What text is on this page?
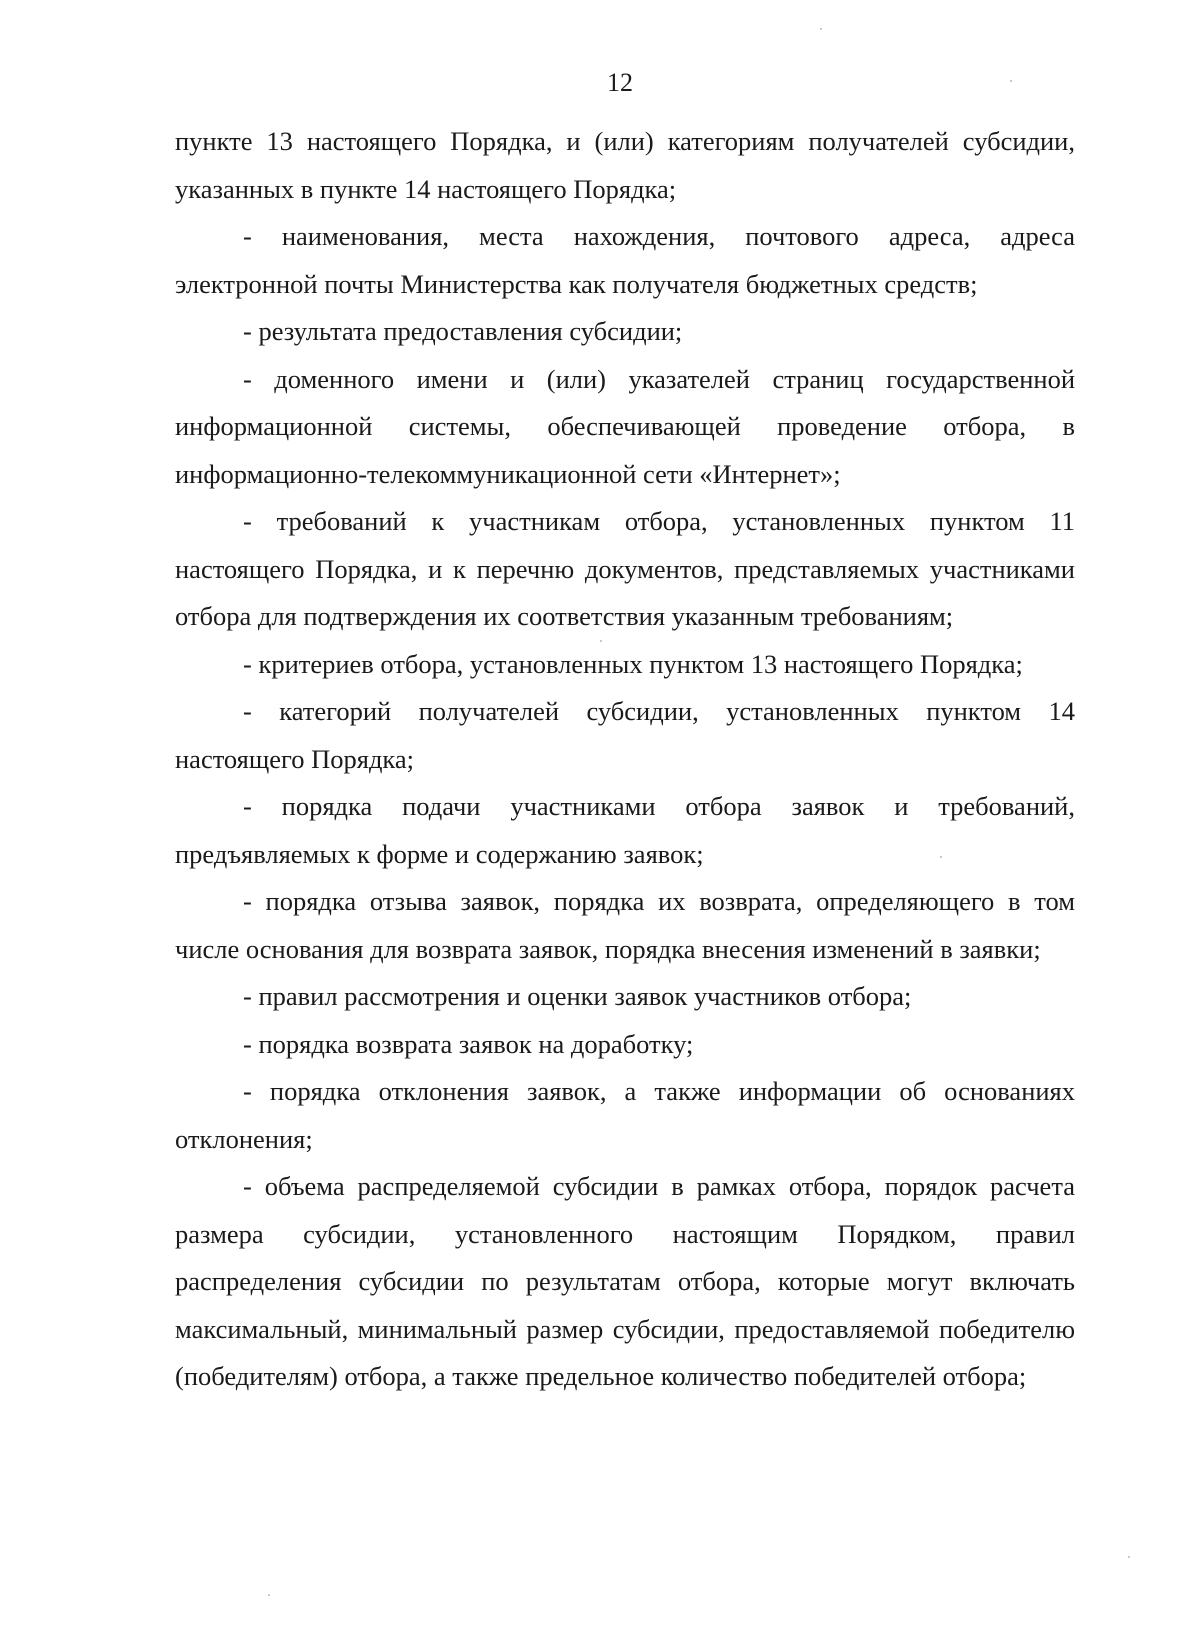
12

пункте 13 настоящего Порядка, и (или) категориям получателей субсидии, указанных в пункте 14 настоящего Порядка;

- наименования, места нахождения, почтового адреса, адреса электронной почты Министерства как получателя бюджетных средств;

- результата предоставления субсидии;

- доменного имени и (или) указателей страниц государственной информационной системы, обеспечивающей проведение отбора, в информационно-телекоммуникационной сети «Интернет»;

- требований к участникам отбора, установленных пунктом 11 настоящего Порядка, и к перечню документов, представляемых участниками отбора для подтверждения их соответствия указанным требованиям;

- критериев отбора, установленных пунктом 13 настоящего Порядка;

- категорий получателей субсидии, установленных пунктом 14 настоящего Порядка;

- порядка подачи участниками отбора заявок и требований, предъявляемых к форме и содержанию заявок;

- порядка отзыва заявок, порядка их возврата, определяющего в том числе основания для возврата заявок, порядка внесения изменений в заявки;

- правил рассмотрения и оценки заявок участников отбора;

- порядка возврата заявок на доработку;

- порядка отклонения заявок, а также информации об основаниях отклонения;

- объема распределяемой субсидии в рамках отбора, порядок расчета размера субсидии, установленного настоящим Порядком, правил распределения субсидии по результатам отбора, которые могут включать максимальный, минимальный размер субсидии, предоставляемой победителю (победителям) отбора, а также предельное количество победителей отбора;
